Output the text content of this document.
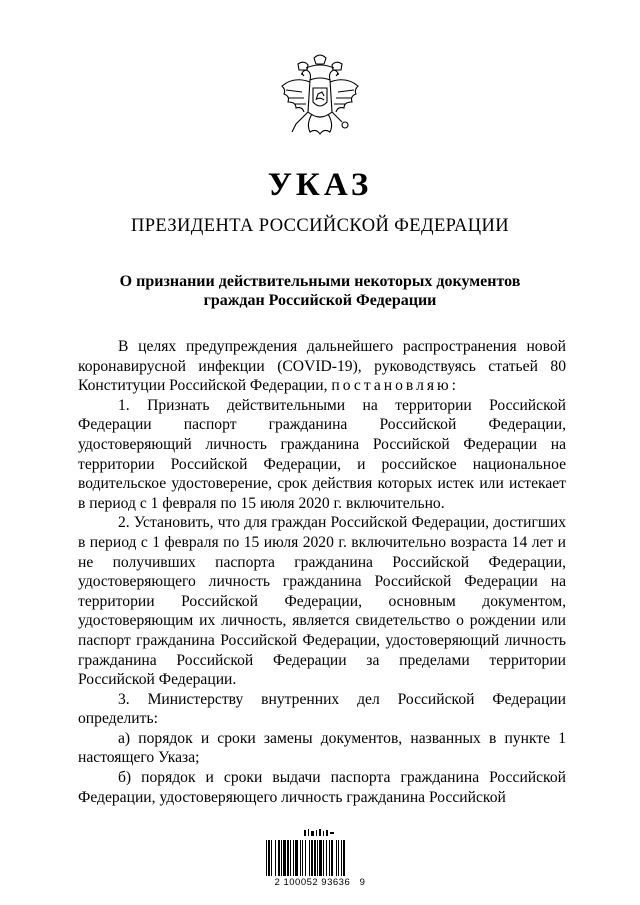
УКАЗ
ПРЕЗИДЕНТА РОССИЙСКОЙ ФЕДЕРАЦИИ
О признании действительными некоторых документов
граждан Российской Федерации

В целях предупреждения дальнейшего распространения новой коронавирусной инфекции (COVID-19), руководствуясь статьей 80 Конституции Российской Федерации, постановляю:

1. Признать действительными на территории Российской Федерации паспорт гражданина Российской Федерации, удостоверяющий личность гражданина Российской Федерации на территории Российской Федерации, и российское национальное водительское удостоверение, срок действия которых истек или истекает в период с 1 февраля по 15 июля 2020 г. включительно.

2. Установить, что для граждан Российской Федерации, достигших в период с 1 февраля по 15 июля 2020 г. включительно возраста 14 лет и не получивших паспорта гражданина Российской Федерации, удостоверяющего личность гражданина Российской Федерации на территории Российской Федерации, основным документом, удостоверяющим их личность, является свидетельство о рождении или паспорт гражданина Российской Федерации, удостоверяющий личность гражданина Российской Федерации за пределами территории Российской Федерации.

3. Министерству внутренних дел Российской Федерации определить:

а) порядок и сроки замены документов, названных в пункте 1 настоящего Указа;

б) порядок и сроки выдачи паспорта гражданина Российской Федерации, удостоверяющего личность гражданина Российской

2 100052 93636   9
